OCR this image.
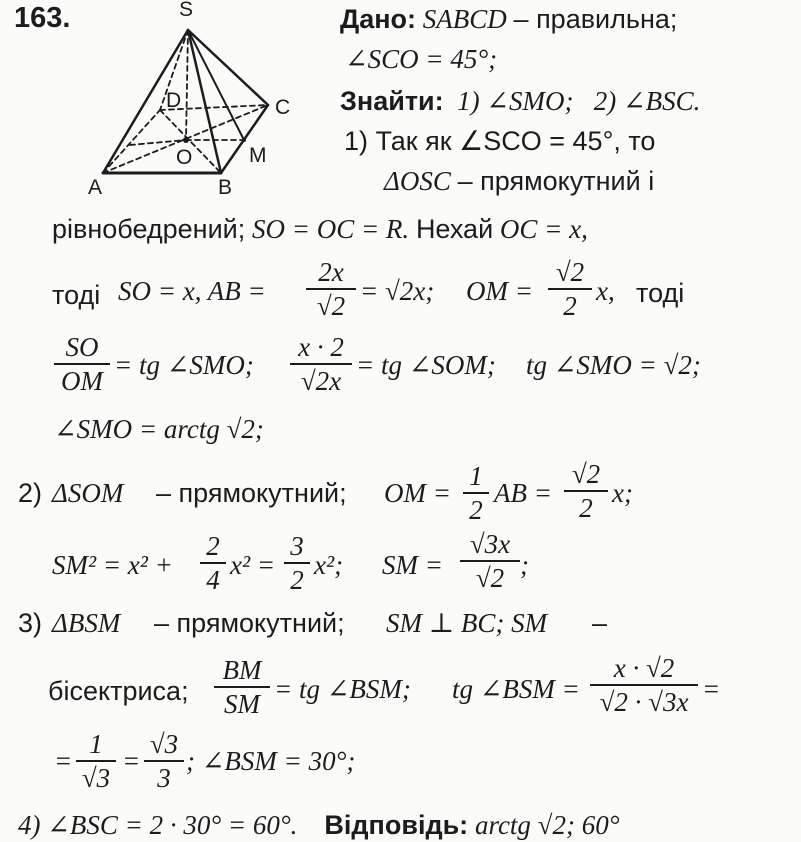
163.	S
A	B
C
D
O	M
Дано: SABCD – правильна;
∠SCO = 45°;
Знайти: 1) ∠SMO; 2) ∠BSC.
1) Так як ∠SCO = 45°, то
ΔOSC – прямокутний і
рівнобедрений; SO = OC = R. Нехай OC = x,
тоді SO = x, AB = $\frac{2x}{√2} = √2x$; OM = $\frac{√2}{2} x$, тоді
$\frac{SO}{OM}$ = tg ∠SMO; $\frac{x \cdot 2}{√2x}$ = tg ∠SOM; tg ∠SMO = √2;
∠SMO = arctg √2;
2) ΔSOM – прямокутний; OM = $\frac{1}{2}$ AB = $\frac{√2}{2} x$;
$SM^2 = x^2 + \frac{2}{4} x^2 = \frac{3}{2} x^2$; SM = $\frac{√3x}{√2}$ ;
3) ΔBSM – прямокутний; SM ⊥ BC; SM –
бісектриса; $\frac{BM}{SM}$ = tg ∠BSM; tg ∠BSM = $\frac{x \cdot √2}{√2 \cdot √3x}$ =
= $\frac{1}{√3} = \frac{√3}{3}$ ; ∠BSM = 30°;
4) ∠BSC = 2 · 30° = 60°. Відповідь: arctg √2; 60°
